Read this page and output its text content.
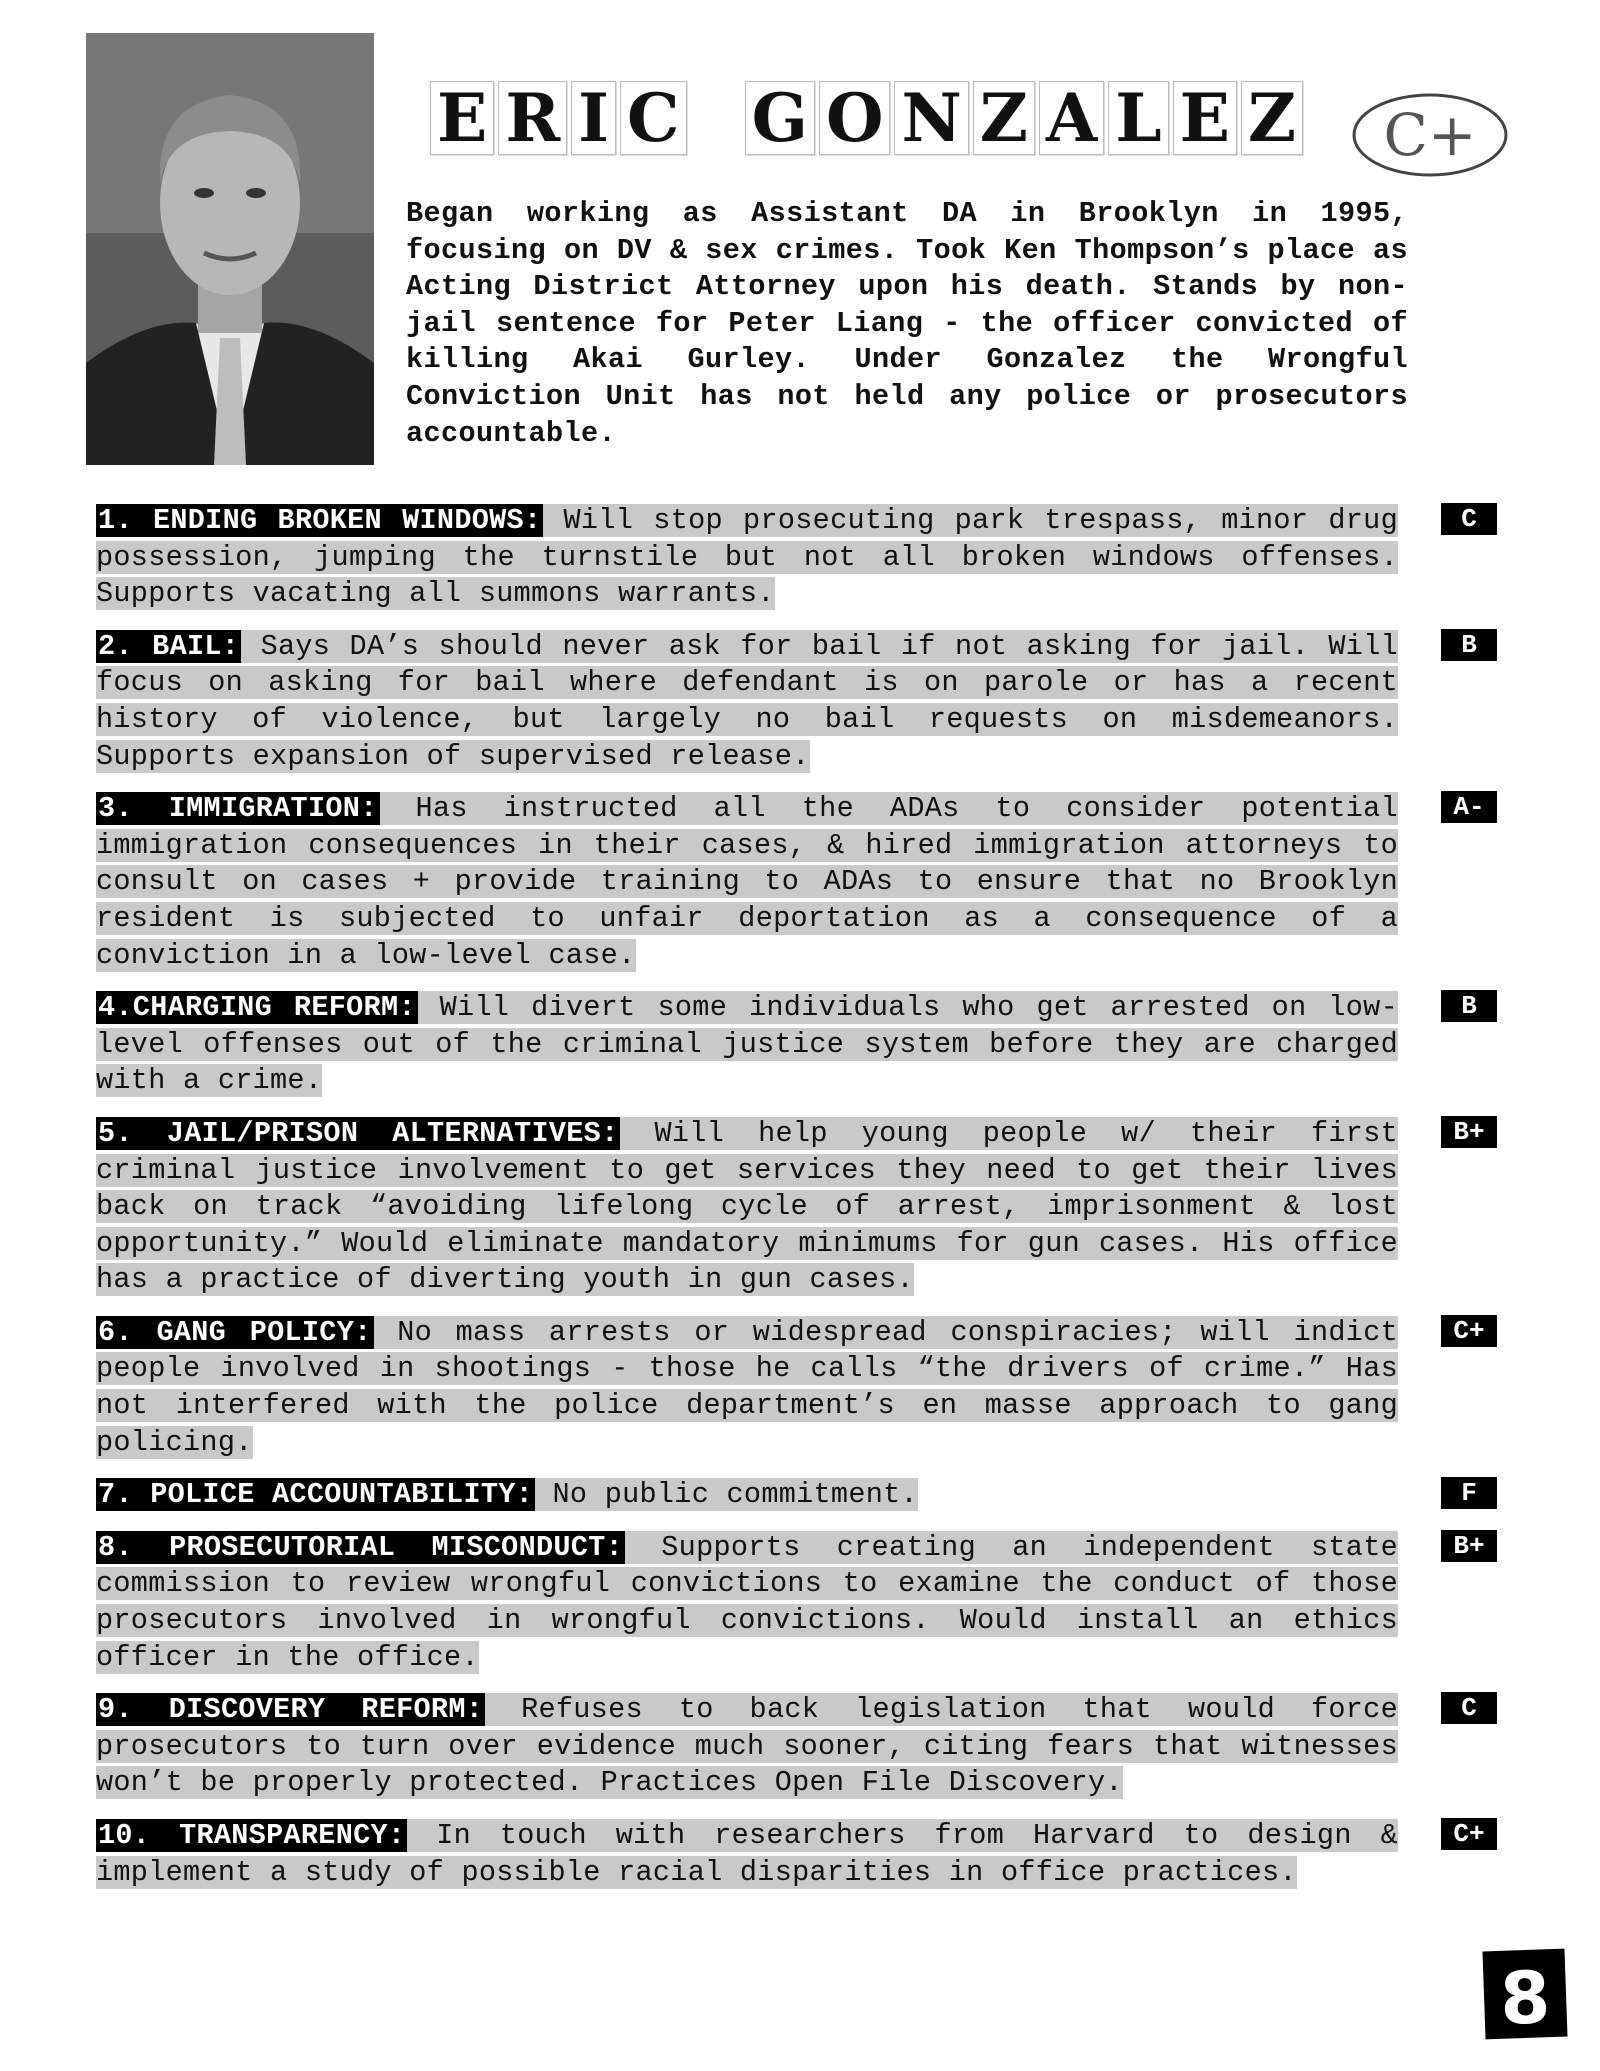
E R I C G O N Z A L E Z	C+
Began working as Assistant DA in Brooklyn in 1995, focusing on DV & sex crimes. Took Ken Thompson’s place as Acting District Attorney upon his death. Stands by non-jail sentence for Peter Liang - the officer convicted of killing Akai Gurley. Under Gonzalez the Wrongful Conviction Unit has not held any police or prosecutors accountable.
1. ENDING BROKEN WINDOWS: Will stop prosecuting park trespass, minor drug possession, jumping the turnstile but not all broken windows offenses. Supports vacating all summons warrants.
C
2. BAIL: Says DA’s should never ask for bail if not asking for jail. Will focus on asking for bail where defendant is on parole or has a recent history of violence, but largely no bail requests on misdemeanors. Supports expansion of supervised release.
B
3. IMMIGRATION: Has instructed all the ADAs to consider potential immigration consequences in their cases, & hired immigration attorneys to consult on cases + provide training to ADAs to ensure that no Brooklyn resident is subjected to unfair deportation as a consequence of a conviction in a low-level case.
A-
4.CHARGING REFORM: Will divert some individuals who get arrested on low-level offenses out of the criminal justice system before they are charged with a crime.
B
5. JAIL/PRISON ALTERNATIVES: Will help young people w/ their first criminal justice involvement to get services they need to get their lives back on track “avoiding lifelong cycle of arrest, imprisonment & lost opportunity.” Would eliminate mandatory minimums for gun cases. His office has a practice of diverting youth in gun cases.
B+
6. GANG POLICY: No mass arrests or widespread conspiracies; will indict people involved in shootings - those he calls “the drivers of crime.” Has not interfered with the police department’s en masse approach to gang policing.
C+
7. POLICE ACCOUNTABILITY: No public commitment.	F
8. PROSECUTORIAL MISCONDUCT: Supports creating an independent state commission to review wrongful convictions to examine the conduct of those prosecutors involved in wrongful convictions. Would install an ethics officer in the office.
B+
9. DISCOVERY REFORM: Refuses to back legislation that would force prosecutors to turn over evidence much sooner, citing fears that witnesses won’t be properly protected. Practices Open File Discovery.
C
10. TRANSPARENCY: In touch with researchers from Harvard to design & implement a study of possible racial disparities in office practices.
C+
8
